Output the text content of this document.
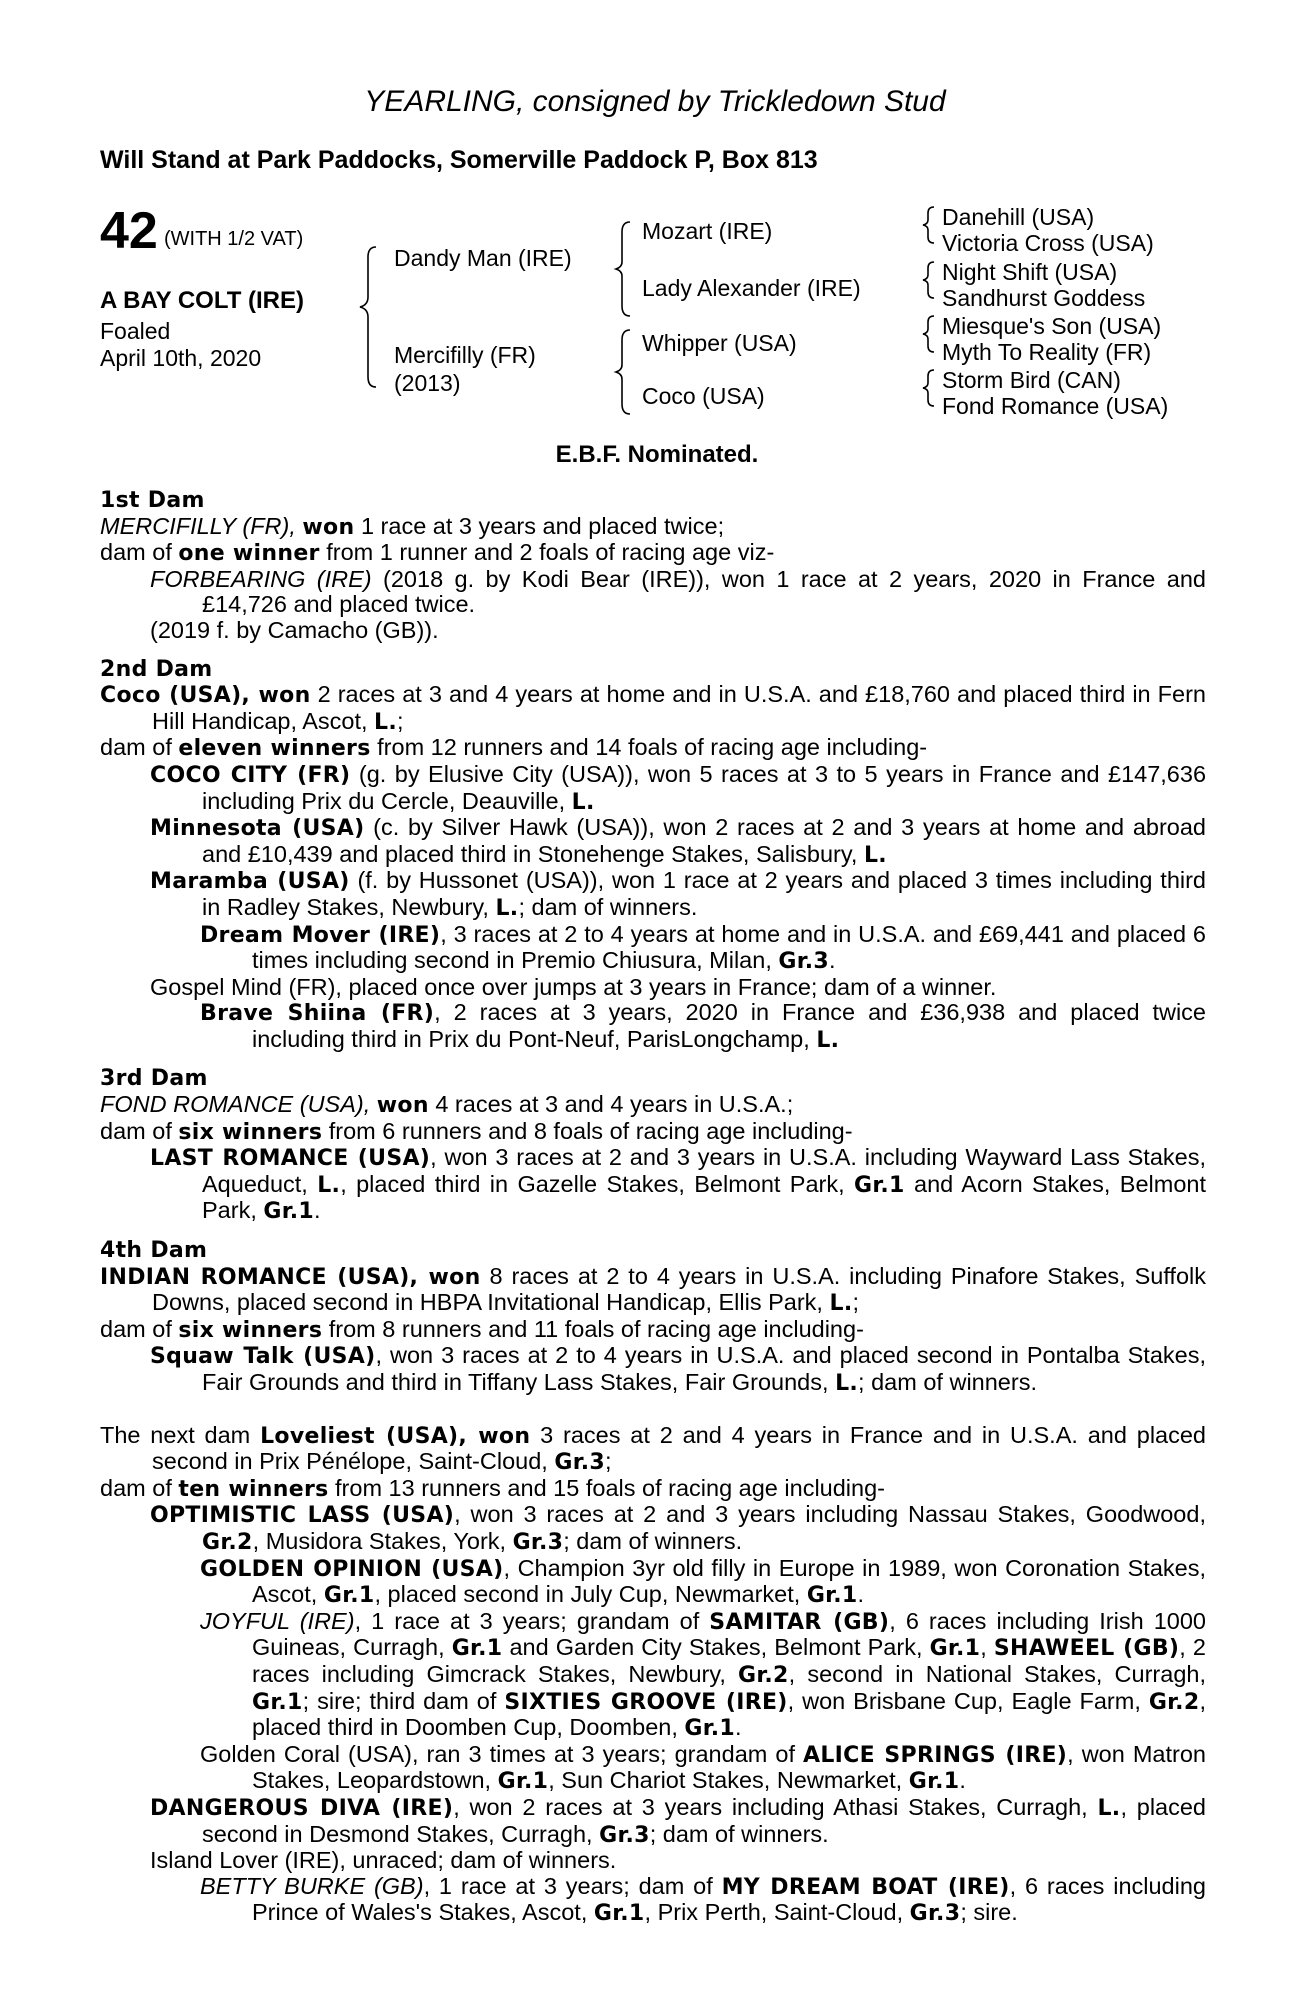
YEARLING, consigned by Trickledown Stud
Will Stand at Park Paddocks, Somerville Paddock P, Box 813
42 (WITH 1/2 VAT)
A BAY COLT (IRE)
Foaled
April 10th, 2020
Dandy Man (IRE)
Mercifilly (FR)
(2013)
Mozart (IRE)
Lady Alexander (IRE)
Whipper (USA)
Coco (USA)
Danehill (USA)
Victoria Cross (USA)
Night Shift (USA)
Sandhurst Goddess
Miesque's Son (USA)
Myth To Reality (FR)
Storm Bird (CAN)
Fond Romance (USA)
E.B.F. Nominated.
1st Dam
MERCIFILLY (FR), won 1 race at 3 years and placed twice;
dam of one winner from 1 runner and 2 foals of racing age viz-
FORBEARING (IRE) (2018 g. by Kodi Bear (IRE)), won 1 race at 2 years, 2020 in France and £14,726 and placed twice.
(2019 f. by Camacho (GB)).
2nd Dam
Coco (USA), won 2 races at 3 and 4 years at home and in U.S.A. and £18,760 and placed third in Fern Hill Handicap, Ascot, L.;
dam of eleven winners from 12 runners and 14 foals of racing age including-
COCO CITY (FR) (g. by Elusive City (USA)), won 5 races at 3 to 5 years in France and £147,636 including Prix du Cercle, Deauville, L.
Minnesota (USA) (c. by Silver Hawk (USA)), won 2 races at 2 and 3 years at home and abroad and £10,439 and placed third in Stonehenge Stakes, Salisbury, L.
Maramba (USA) (f. by Hussonet (USA)), won 1 race at 2 years and placed 3 times including third in Radley Stakes, Newbury, L.; dam of winners.
Dream Mover (IRE), 3 races at 2 to 4 years at home and in U.S.A. and £69,441 and placed 6 times including second in Premio Chiusura, Milan, Gr.3.
Gospel Mind (FR), placed once over jumps at 3 years in France; dam of a winner.
Brave Shiina (FR), 2 races at 3 years, 2020 in France and £36,938 and placed twice including third in Prix du Pont-Neuf, ParisLongchamp, L.
3rd Dam
FOND ROMANCE (USA), won 4 races at 3 and 4 years in U.S.A.;
dam of six winners from 6 runners and 8 foals of racing age including-
LAST ROMANCE (USA), won 3 races at 2 and 3 years in U.S.A. including Wayward Lass Stakes, Aqueduct, L., placed third in Gazelle Stakes, Belmont Park, Gr.1 and Acorn Stakes, Belmont Park, Gr.1.
4th Dam
INDIAN ROMANCE (USA), won 8 races at 2 to 4 years in U.S.A. including Pinafore Stakes, Suffolk Downs, placed second in HBPA Invitational Handicap, Ellis Park, L.;
dam of six winners from 8 runners and 11 foals of racing age including-
Squaw Talk (USA), won 3 races at 2 to 4 years in U.S.A. and placed second in Pontalba Stakes, Fair Grounds and third in Tiffany Lass Stakes, Fair Grounds, L.; dam of winners.
The next dam Loveliest (USA), won 3 races at 2 and 4 years in France and in U.S.A. and placed second in Prix Pénélope, Saint-Cloud, Gr.3;
dam of ten winners from 13 runners and 15 foals of racing age including-
OPTIMISTIC LASS (USA), won 3 races at 2 and 3 years including Nassau Stakes, Goodwood, Gr.2, Musidora Stakes, York, Gr.3; dam of winners.
GOLDEN OPINION (USA), Champion 3yr old filly in Europe in 1989, won Coronation Stakes, Ascot, Gr.1, placed second in July Cup, Newmarket, Gr.1.
JOYFUL (IRE), 1 race at 3 years; grandam of SAMITAR (GB), 6 races including Irish 1000 Guineas, Curragh, Gr.1 and Garden City Stakes, Belmont Park, Gr.1, SHAWEEL (GB), 2 races including Gimcrack Stakes, Newbury, Gr.2, second in National Stakes, Curragh, Gr.1; sire; third dam of SIXTIES GROOVE (IRE), won Brisbane Cup, Eagle Farm, Gr.2, placed third in Doomben Cup, Doomben, Gr.1.
Golden Coral (USA), ran 3 times at 3 years; grandam of ALICE SPRINGS (IRE), won Matron Stakes, Leopardstown, Gr.1, Sun Chariot Stakes, Newmarket, Gr.1.
DANGEROUS DIVA (IRE), won 2 races at 3 years including Athasi Stakes, Curragh, L., placed second in Desmond Stakes, Curragh, Gr.3; dam of winners.
Island Lover (IRE), unraced; dam of winners.
BETTY BURKE (GB), 1 race at 3 years; dam of MY DREAM BOAT (IRE), 6 races including Prince of Wales's Stakes, Ascot, Gr.1, Prix Perth, Saint-Cloud, Gr.3; sire.
